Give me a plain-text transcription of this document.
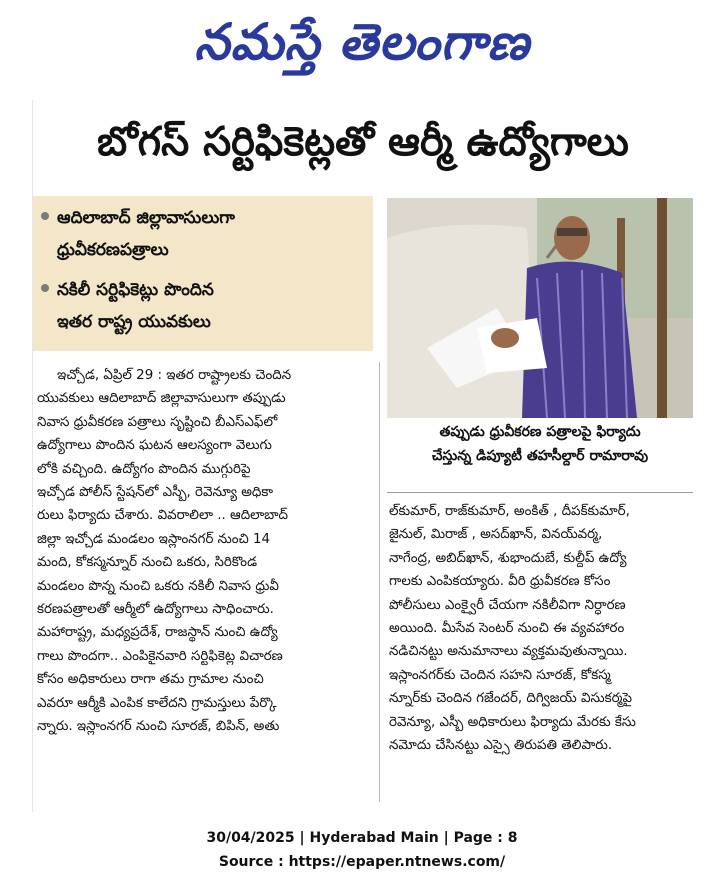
నమస్తే తెలంగాణ
బోగస్ సర్టిఫికెట్లతో ఆర్మీ ఉద్యోగాలు
ఆదిలాబాద్ జిల్లావాసులుగా
ధ్రువీకరణపత్రాలు
నకిలీ సర్టిఫికెట్లు పొందిన
ఇతర రాష్ట్ర యువకులు
తప్పుడు ధ్రువీకరణ పత్రాలపై ఫిర్యాదు
చేస్తున్న డిప్యూటీ తహసీల్దార్ రామారావు

ఇచ్చోడ, ఏప్రిల్ 29 : ఇతర రాష్ట్రాలకు చెందిన

యువకులు ఆదిలాబాద్ జిల్లావాసులుగా తప్పుడు

నివాస ధ్రువీకరణ పత్రాలు సృష్టించి బీఎస్ఎఫ్‌లో

ఉద్యోగాలు పొందిన ఘటన ఆలస్యంగా వెలుగు

లోకి వచ్చింది. ఉద్యోగం పొందిన ముగ్గురిపై

ఇచ్చోడ పోలీస్ స్టేషన్‌లో ఎస్బీ, రెవెన్యూ అధికా

రులు ఫిర్యాదు చేశారు. వివరాలిలా .. ఆదిలాబాద్

జిల్లా ఇచ్చోడ మండలం ఇస్లాంనగర్ నుంచి 14

మంది, కోకస్మన్నూర్ నుంచి ఒకరు, సిరికొండ

మండలం పొన్న నుంచి ఒకరు నకిలీ నివాస ధ్రువీ

కరణపత్రాలతో ఆర్మీలో ఉద్యోగాలు సాధించారు.

మహారాష్ట్ర, మధ్యప్రదేశ్, రాజస్థాన్ నుంచి ఉద్యో

గాలు పొందగా.. ఎంపికైనవారి సర్టిఫికెట్ల విచారణ

కోసం అధికారులు రాగా తమ గ్రామాల నుంచి

ఎవరూ ఆర్మీకి ఎంపిక కాలేదని గ్రామస్తులు పేర్కొ

న్నారు. ఇస్లాంనగర్ నుంచి సూరజ్, బిపిన్, అతు

ల్‌కుమార్, రాజ్‌కుమార్, అంకిత్ , దీపక్‌కుమార్,

జైనుల్, మిరాజ్ , అసద్‌ఖాన్, వినయ్‌వర్మ,

నాగేంద్ర, అబిద్‌ఖాన్, శుభాందుబే, కుల్దీప్ ఉద్యో

గాలకు ఎంపికయ్యారు. వీరి ధ్రువీకరణ కోసం

పోలీసులు ఎంక్వైరీ చేయగా నకిలీవిగా నిర్ధారణ

అయింది. మీసేవ సెంటర్ నుంచి ఈ వ్యవహారం

నడిచినట్టు అనుమానాలు వ్యక్తమవుతున్నాయి.

ఇస్లాంనగర్‌కు చెందిన సహని సూరజ్, కోకస్మ

న్నూర్‌కు చెందిన గజేందర్, దిగ్విజయ్ విసుకర్మపై

రెవెన్యూ, ఎస్బీ అధికారులు ఫిర్యాదు మేరకు కేసు

నమోదు చేసినట్టు ఎస్సై తిరుపతి తెలిపారు.

30/04/2025 | Hyderabad Main | Page : 8
Source : https://epaper.ntnews.com/
